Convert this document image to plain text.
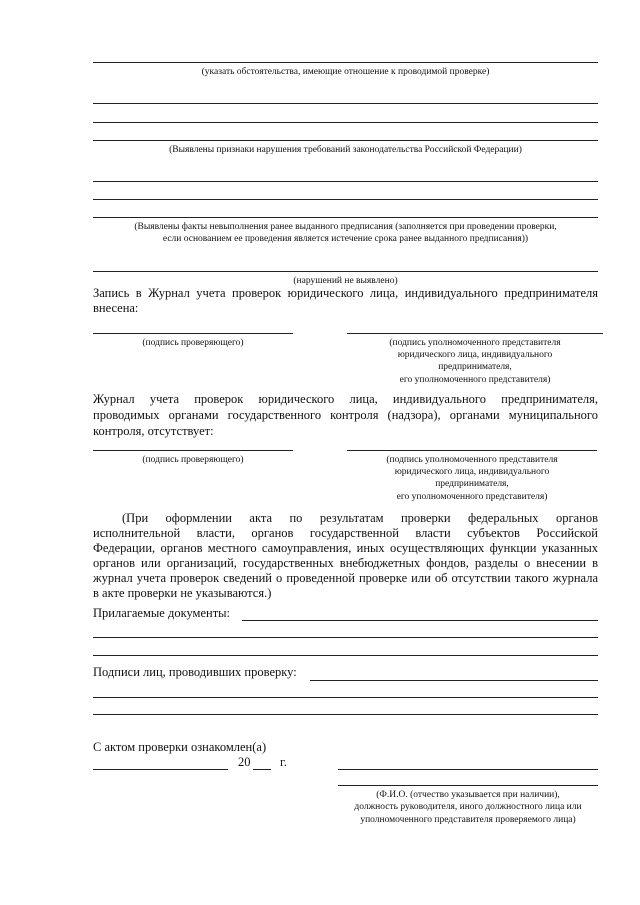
(указать обстоятельства, имеющие отношение к проводимой проверке)
(Выявлены признаки нарушения требований законодательства Российской Федерации)
(Выявлены факты невыполнения ранее выданного предписания (заполняется при проведении проверки,
если основанием ее проведения является истечение срока ранее выданного предписания))
(нарушений не выявлено)
Запись в Журнал учета проверок юридического лица, индивидуального предпринимателя
внесена:
(подпись проверяющего)	(подпись уполномоченного представителя
юридического лица, индивидуального
предпринимателя,
его уполномоченного представителя)
Журнал учета проверок юридического лица, индивидуального предпринимателя,
проводимых органами государственного контроля (надзора), органами муниципального
контроля, отсутствует:
(подпись проверяющего)	(подпись уполномоченного представителя
юридического лица, индивидуального
предпринимателя,
его уполномоченного представителя)
(При оформлении акта по результатам проверки федеральных органов
исполнительной власти, органов государственной власти субъектов Российской
Федерации, органов местного самоуправления, иных осуществляющих функции указанных
органов или организаций, государственных внебюджетных фондов, разделы о внесении в
журнал учета проверок сведений о проведенной проверке или об отсутствии такого журнала
в акте проверки не указываются.)
Прилагаемые документы:
Подписи лиц, проводивших проверку:
С актом проверки ознакомлен(а)
20 г.
(Ф.И.О. (отчество указывается при наличии),
должность руководителя, иного должностного лица или
уполномоченного представителя проверяемого лица)
